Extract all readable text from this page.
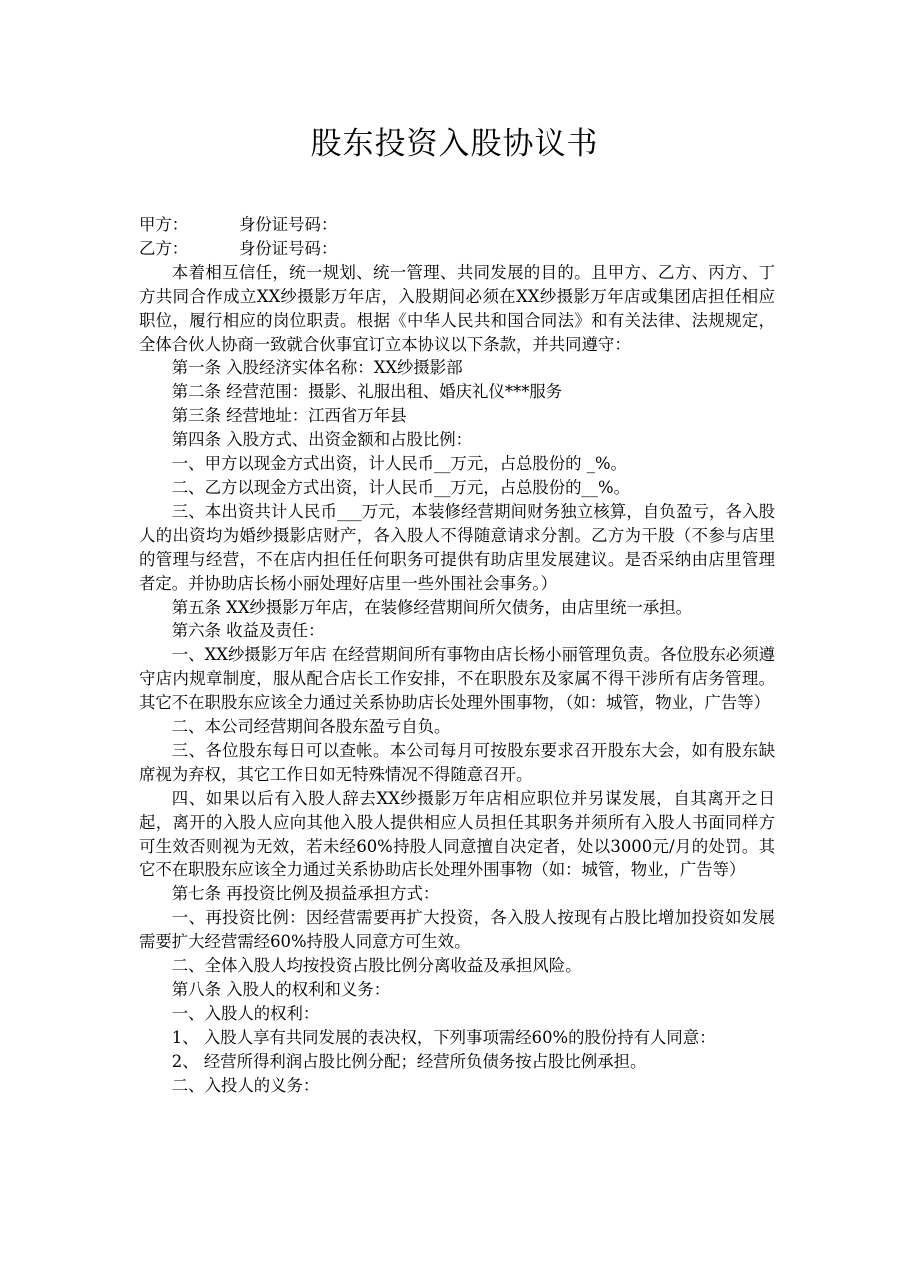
股东投资入股协议书
甲方：	身份证号码：
乙方：	身份证号码：

本着相互信任，统一规划、统一管理、共同发展的目的。且甲方、乙方、丙方、丁方共同合作成立XX纱摄影万年店，入股期间必须在XX纱摄影万年店或集团店担任相应职位，履行相应的岗位职责。根据《中华人民共和国合同法》和有关法律、法规规定，全体合伙人协商一致就合伙事宜订立本协议以下条款，并共同遵守：

第一条 入股经济实体名称：XX纱摄影部

第二条 经营范围：摄影、礼服出租、婚庆礼仪***服务

第三条 经营地址：江西省万年县

第四条 入股方式、出资金额和占股比例：

一、甲方以现金方式出资，计人民币__万元，占总股份的 _%。

二、乙方以现金方式出资，计人民币__万元，占总股份的__%。

三、本出资共计人民币___万元，本装修经营期间财务独立核算，自负盈亏，各入股人的出资均为婚纱摄影店财产，各入股人不得随意请求分割。乙方为干股（不参与店里的管理与经营，不在店内担任任何职务可提供有助店里发展建议。是否采纳由店里管理者定。并协助店长杨小丽处理好店里一些外围社会事务。）

第五条 XX纱摄影万年店，在装修经营期间所欠债务，由店里统一承担。

第六条 收益及责任：

一、XX纱摄影万年店 在经营期间所有事物由店长杨小丽管理负责。各位股东必须遵守店内规章制度，服从配合店长工作安排，不在职股东及家属不得干涉所有店务管理。其它不在职股东应该全力通过关系协助店长处理外围事物，（如：城管，物业，广告等）

二、本公司经营期间各股东盈亏自负。

三、各位股东每日可以查帐。本公司每月可按股东要求召开股东大会，如有股东缺席视为弃权，其它工作日如无特殊情况不得随意召开。

四、如果以后有入股人辞去XX纱摄影万年店相应职位并另谋发展，自其离开之日起，离开的入股人应向其他入股人提供相应人员担任其职务并须所有入股人书面同样方可生效否则视为无效，若未经60%持股人同意擅自决定者，处以3000元/月的处罚。其它不在职股东应该全力通过关系协助店长处理外围事物（如：城管，物业，广告等）

第七条 再投资比例及损益承担方式：

一、再投资比例：因经营需要再扩大投资，各入股人按现有占股比增加投资如发展需要扩大经营需经60%持股人同意方可生效。

二、全体入股人均按投资占股比例分离收益及承担风险。

第八条 入股人的权利和义务：

一、入股人的权利：

1、 入股人享有共同发展的表决权，下列事项需经60%的股份持有人同意：

2、 经营所得利润占股比例分配；经营所负债务按占股比例承担。

二、入投人的义务：
